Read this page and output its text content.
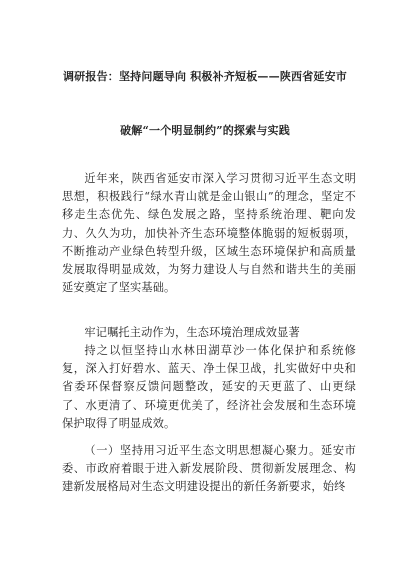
调研报告：坚持问题导向 积极补齐短板——陕西省延安市
破解“一个明显制约”的探索与实践

近年来，陕西省延安市深入学习贯彻习近平生态文明思想，积极践行“绿水青山就是金山银山”的理念，坚定不移走生态优先、绿色发展之路，坚持系统治理、靶向发力、久久为功，加快补齐生态环境整体脆弱的短板弱项，不断推动产业绿色转型升级，区域生态环境保护和高质量发展取得明显成效，为努力建设人与自然和谐共生的美丽延安奠定了坚实基础。

牢记嘱托主动作为，生态环境治理成效显著

持之以恒坚持山水林田湖草沙一体化保护和系统修复，深入打好碧水、蓝天、净土保卫战，扎实做好中央和省委环保督察反馈问题整改，延安的天更蓝了、山更绿了、水更清了、环境更优美了，经济社会发展和生态环境保护取得了明显成效。

（一）坚持用习近平生态文明思想凝心聚力。延安市委、市政府着眼于进入新发展阶段、贯彻新发展理念、构建新发展格局对生态文明建设提出的新任务新要求，始终
